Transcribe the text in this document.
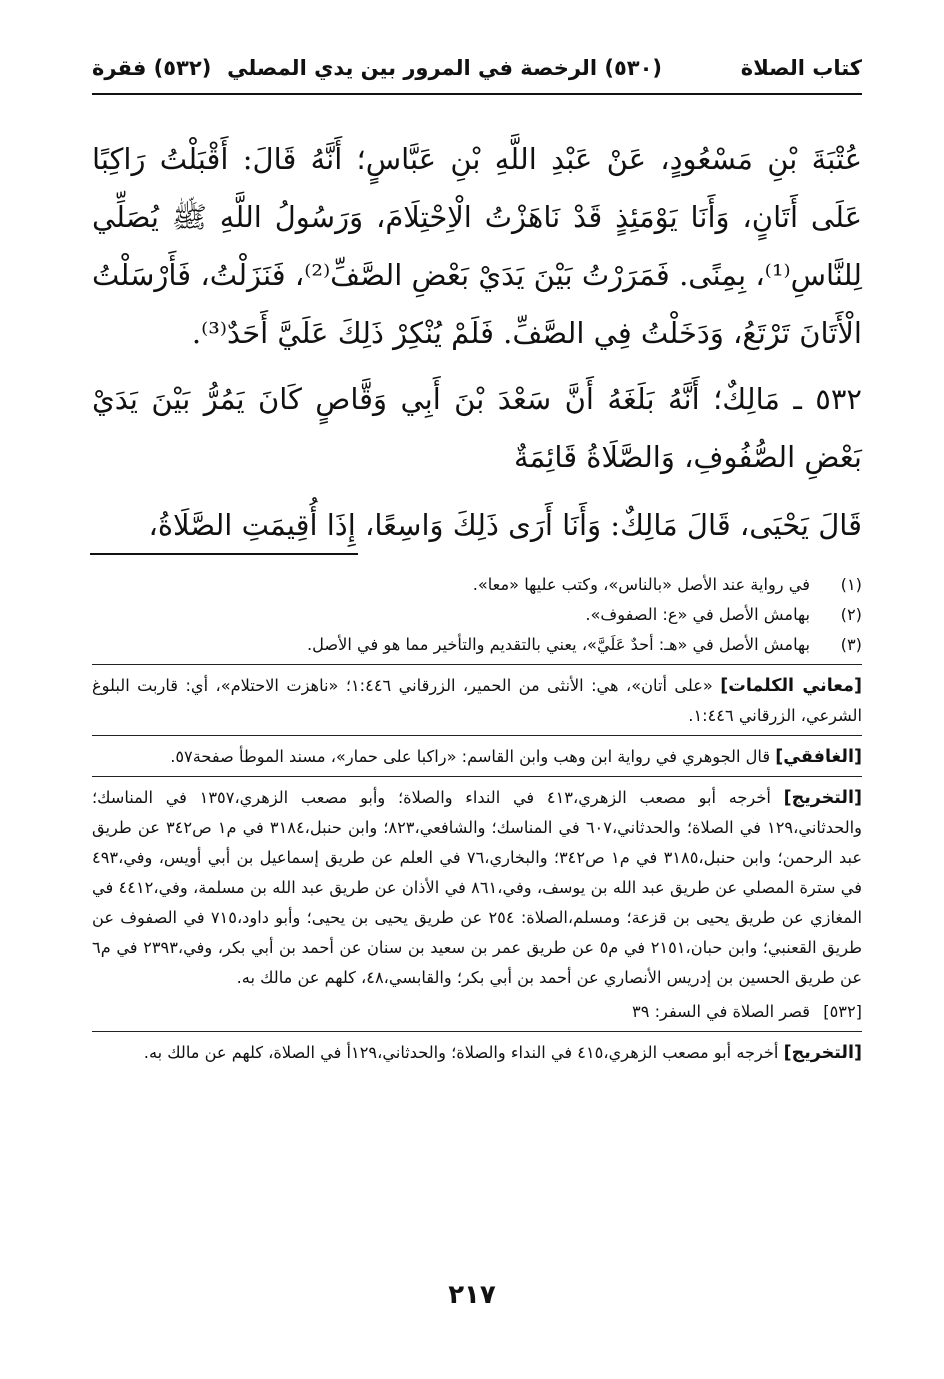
كتاب الصلاة
(٥٣٠) الرخصة في المرور بين يدي المصلي
(٥٣٢) فقرة

عُتْبَةَ بْنِ مَسْعُودٍ، عَنْ عَبْدِ اللَّهِ بْنِ عَبَّاسٍ؛ أَنَّهُ قَالَ: أَقْبَلْتُ رَاكِبًا عَلَى أَتَانٍ، وَأَنَا يَوْمَئِذٍ قَدْ نَاهَزْتُ الْاِحْتِلَامَ، وَرَسُولُ اللَّهِ ﷺ يُصَلِّي لِلنَّاسِ⁽¹⁾، بِمِنًى. فَمَرَرْتُ بَيْنَ يَدَيْ بَعْضِ الصَّفِّ⁽²⁾، فَنَزَلْتُ، فَأَرْسَلْتُ الْأَتَانَ تَرْتَعُ، وَدَخَلْتُ فِي الصَّفِّ. فَلَمْ يُنْكِرْ ذَلِكَ عَلَيَّ أَحَدٌ⁽³⁾.

٥٣٢ ـ مَالِكٌ؛ أَنَّهُ بَلَغَهُ أَنَّ سَعْدَ بْنَ أَبِي وَقَّاصٍ كَانَ يَمُرُّ بَيْنَ يَدَيْ بَعْضِ الصُّفُوفِ، وَالصَّلَاةُ قَائِمَةٌ

قَالَ يَحْيَى، قَالَ مَالِكٌ: وَأَنَا أَرَى ذَلِكَ وَاسِعًا، إِذَا أُقِيمَتِ الصَّلَاةُ،

(١)
في رواية عند الأصل «بالناس»، وكتب عليها «معا».
(٢)
بهامش الأصل في «ع: الصفوف».
(٣)
بهامش الأصل في «هـ: أحدٌ عَلَيَّ»، يعني بالتقديم والتأخير مما هو في الأصل.
[معاني الكلمات] «على أتان»، هي: الأنثى من الحمير، الزرقاني ١:٤٤٦؛ «ناهزت الاحتلام»، أي: قاربت البلوغ الشرعي، الزرقاني ١:٤٤٦.
[الغافقي] قال الجوهري في رواية ابن وهب وابن القاسم: «راكبا على حمار»، مسند الموطأ صفحة٥٧.
[التخريج] أخرجه أبو مصعب الزهري،٤١٣ في النداء والصلاة؛ وأبو مصعب الزهري،١٣٥٧ في المناسك؛ والحدثاني،١٢٩ في الصلاة؛ والحدثاني،٦٠٧ في المناسك؛ والشافعي،٨٢٣؛ وابن حنبل،٣١٨٤ في م١ ص٣٤٢ عن طريق عبد الرحمن؛ وابن حنبل،٣١٨٥ في م١ ص٣٤٢؛ والبخاري،٧٦ في العلم عن طريق إسماعيل بن أبي أويس، وفي،٤٩٣ في سترة المصلي عن طريق عبد الله بن يوسف، وفي،٨٦١ في الأذان عن طريق عبد الله بن مسلمة، وفي،٤٤١٢ في المغازي عن طريق يحيى بن قزعة؛ ومسلم،الصلاة: ٢٥٤ عن طريق يحيى بن يحيى؛ وأبو داود،٧١٥ في الصفوف عن طريق القعنبي؛ وابن حبان،٢١٥١ في م٥ عن طريق عمر بن سعيد بن سنان عن أحمد بن أبي بكر، وفي،٢٣٩٣ في م٦ عن طريق الحسين بن إدريس الأنصاري عن أحمد بن أبي بكر؛ والقابسي،٤٨، كلهم عن مالك به.
[٥٣٢]
قصر الصلاة في السفر: ٣٩
[التخريج] أخرجه أبو مصعب الزهري،٤١٥ في النداء والصلاة؛ والحدثاني،١٢٩أ في الصلاة، كلهم عن مالك به.
٢١٧
